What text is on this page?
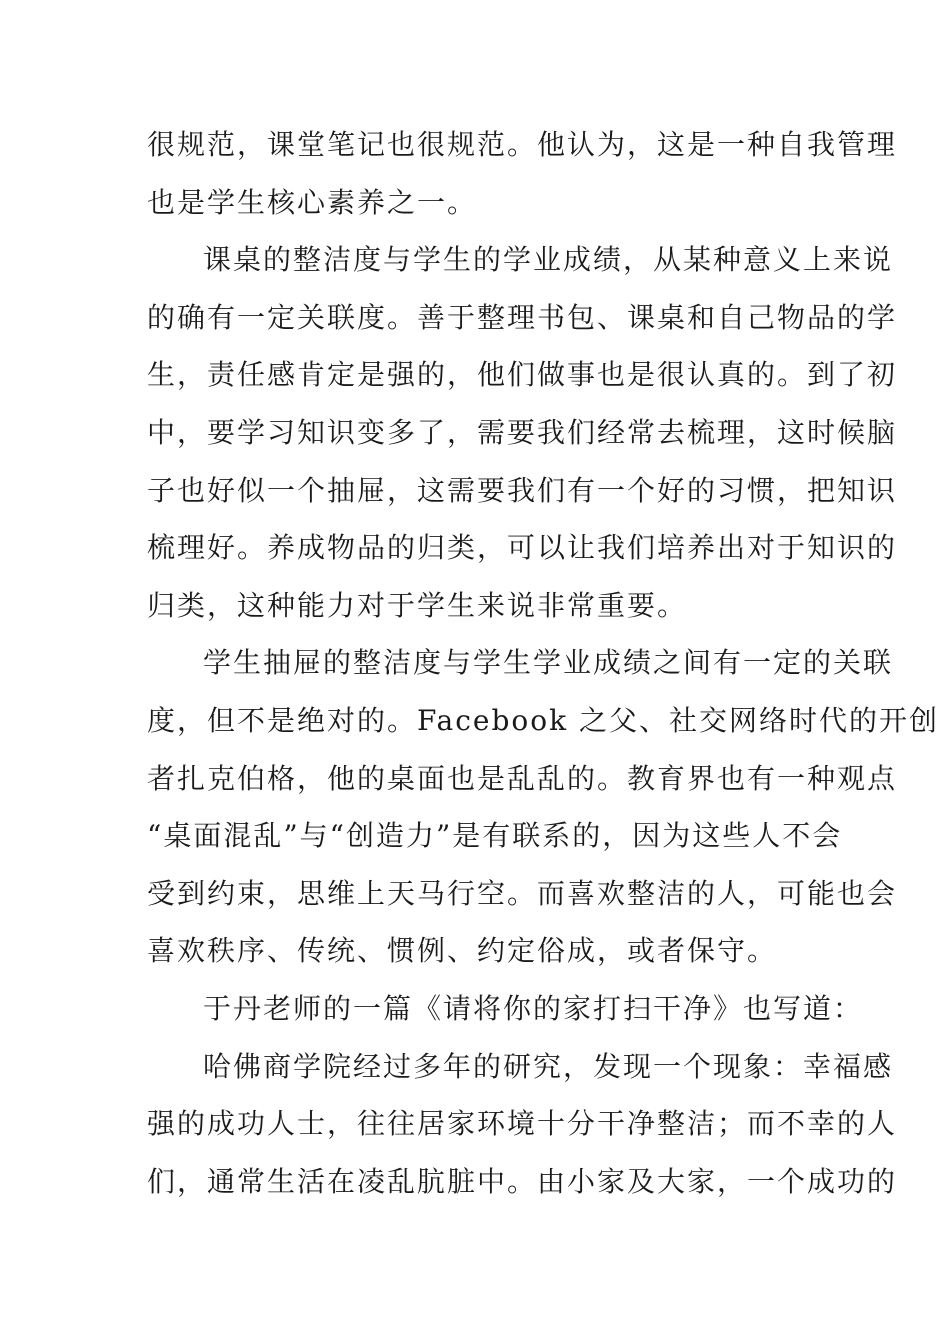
很规范，课堂笔记也很规范。他认为，这是一种自我管理
也是学生核心素养之一。
课桌的整洁度与学生的学业成绩，从某种意义上来说
的确有一定关联度。善于整理书包、课桌和自己物品的学
生，责任感肯定是强的，他们做事也是很认真的。到了初
中，要学习知识变多了，需要我们经常去梳理，这时候脑
子也好似一个抽屉，这需要我们有一个好的习惯，把知识
梳理好。养成物品的归类，可以让我们培养出对于知识的
归类，这种能力对于学生来说非常重要。
学生抽屉的整洁度与学生学业成绩之间有一定的关联
度，但不是绝对的。Facebook 之父、社交网络时代的开创
者扎克伯格，他的桌面也是乱乱的。教育界也有一种观点
“桌面混乱”与“创造力”是有联系的，因为这些人不会
受到约束，思维上天马行空。而喜欢整洁的人，可能也会
喜欢秩序、传统、惯例、约定俗成，或者保守。
于丹老师的一篇《请将你的家打扫干净》也写道：
哈佛商学院经过多年的研究，发现一个现象：幸福感
强的成功人士，往往居家环境十分干净整洁；而不幸的人
们，通常生活在凌乱肮脏中。由小家及大家，一个成功的
